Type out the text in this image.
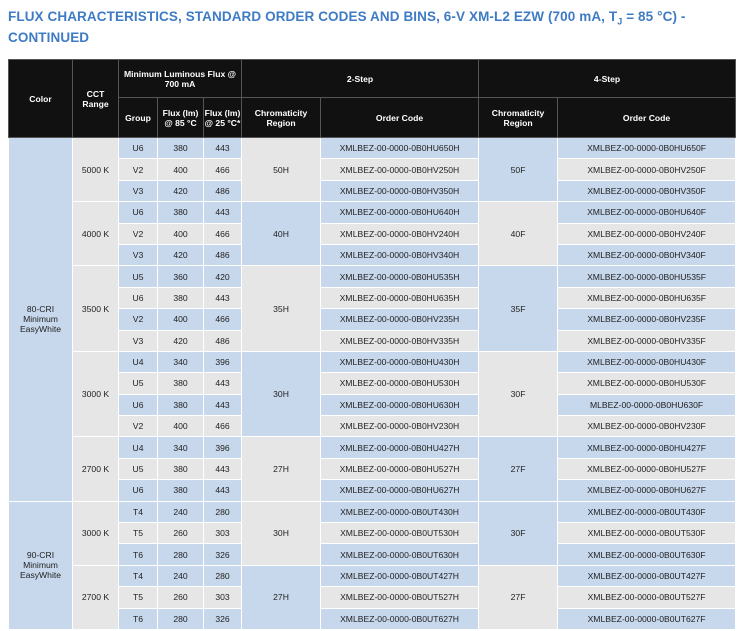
FLUX CHARACTERISTICS, STANDARD ORDER CODES AND BINS, 6-V XM-L2 EZW (700 mA, $T_J = 85$ °C) -
CONTINUED
Color	CCT Range	Minimum Luminous Flux @ 700 mA			2-Step		4-Step	
		Group	Flux (lm) @ 85 °C	Flux (lm) @ 25 °C*	Chromaticity Region	Order Code	Chromaticity Region	Order Code
80-CRI Minimum EasyWhite	5000 K	U6	380	443	50H	XMLBEZ-00-0000-0B0HU650H	50F	XMLBEZ-00-0000-0B0HU650F
		V2	400	466		XMLBEZ-00-0000-0B0HV250H		XMLBEZ-00-0000-0B0HV250F
		V3	420	486		XMLBEZ-00-0000-0B0HV350H		XMLBEZ-00-0000-0B0HV350F
	4000 K	U6	380	443	40H	XMLBEZ-00-0000-0B0HU640H	40F	XMLBEZ-00-0000-0B0HU640F
		V2	400	466		XMLBEZ-00-0000-0B0HV240H		XMLBEZ-00-0000-0B0HV240F
		V3	420	486		XMLBEZ-00-0000-0B0HV340H		XMLBEZ-00-0000-0B0HV340F
	3500 K	U5	360	420	35H	XMLBEZ-00-0000-0B0HU535H	35F	XMLBEZ-00-0000-0B0HU535F
		U6	380	443		XMLBEZ-00-0000-0B0HU635H		XMLBEZ-00-0000-0B0HU635F
		V2	400	466		XMLBEZ-00-0000-0B0HV235H		XMLBEZ-00-0000-0B0HV235F
		V3	420	486		XMLBEZ-00-0000-0B0HV335H		XMLBEZ-00-0000-0B0HV335F
	3000 K	U4	340	396	30H	XMLBEZ-00-0000-0B0HU430H	30F	XMLBEZ-00-0000-0B0HU430F
		U5	380	443		XMLBEZ-00-0000-0B0HU530H		XMLBEZ-00-0000-0B0HU530F
		U6	380	443		XMLBEZ-00-0000-0B0HU630H		MLBEZ-00-0000-0B0HU630F
		V2	400	466		XMLBEZ-00-0000-0B0HV230H		XMLBEZ-00-0000-0B0HV230F
	2700 K	U4	340	396	27H	XMLBEZ-00-0000-0B0HU427H	27F	XMLBEZ-00-0000-0B0HU427F
		U5	380	443		XMLBEZ-00-0000-0B0HU527H		XMLBEZ-00-0000-0B0HU527F
		U6	380	443		XMLBEZ-00-0000-0B0HU627H		XMLBEZ-00-0000-0B0HU627F
90-CRI Minimum EasyWhite	3000 K	T4	240	280	30H	XMLBEZ-00-0000-0B0UT430H	30F	XMLBEZ-00-0000-0B0UT430F
		T5	260	303		XMLBEZ-00-0000-0B0UT530H		XMLBEZ-00-0000-0B0UT530F
		T6	280	326		XMLBEZ-00-0000-0B0UT630H		XMLBEZ-00-0000-0B0UT630F
	2700 K	T4	240	280	27H	XMLBEZ-00-0000-0B0UT427H	27F	XMLBEZ-00-0000-0B0UT427F
		T5	260	303		XMLBEZ-00-0000-0B0UT527H		XMLBEZ-00-0000-0B0UT527F
		T6	280	326		XMLBEZ-00-0000-0B0UT627H		XMLBEZ-00-0000-0B0UT627F
